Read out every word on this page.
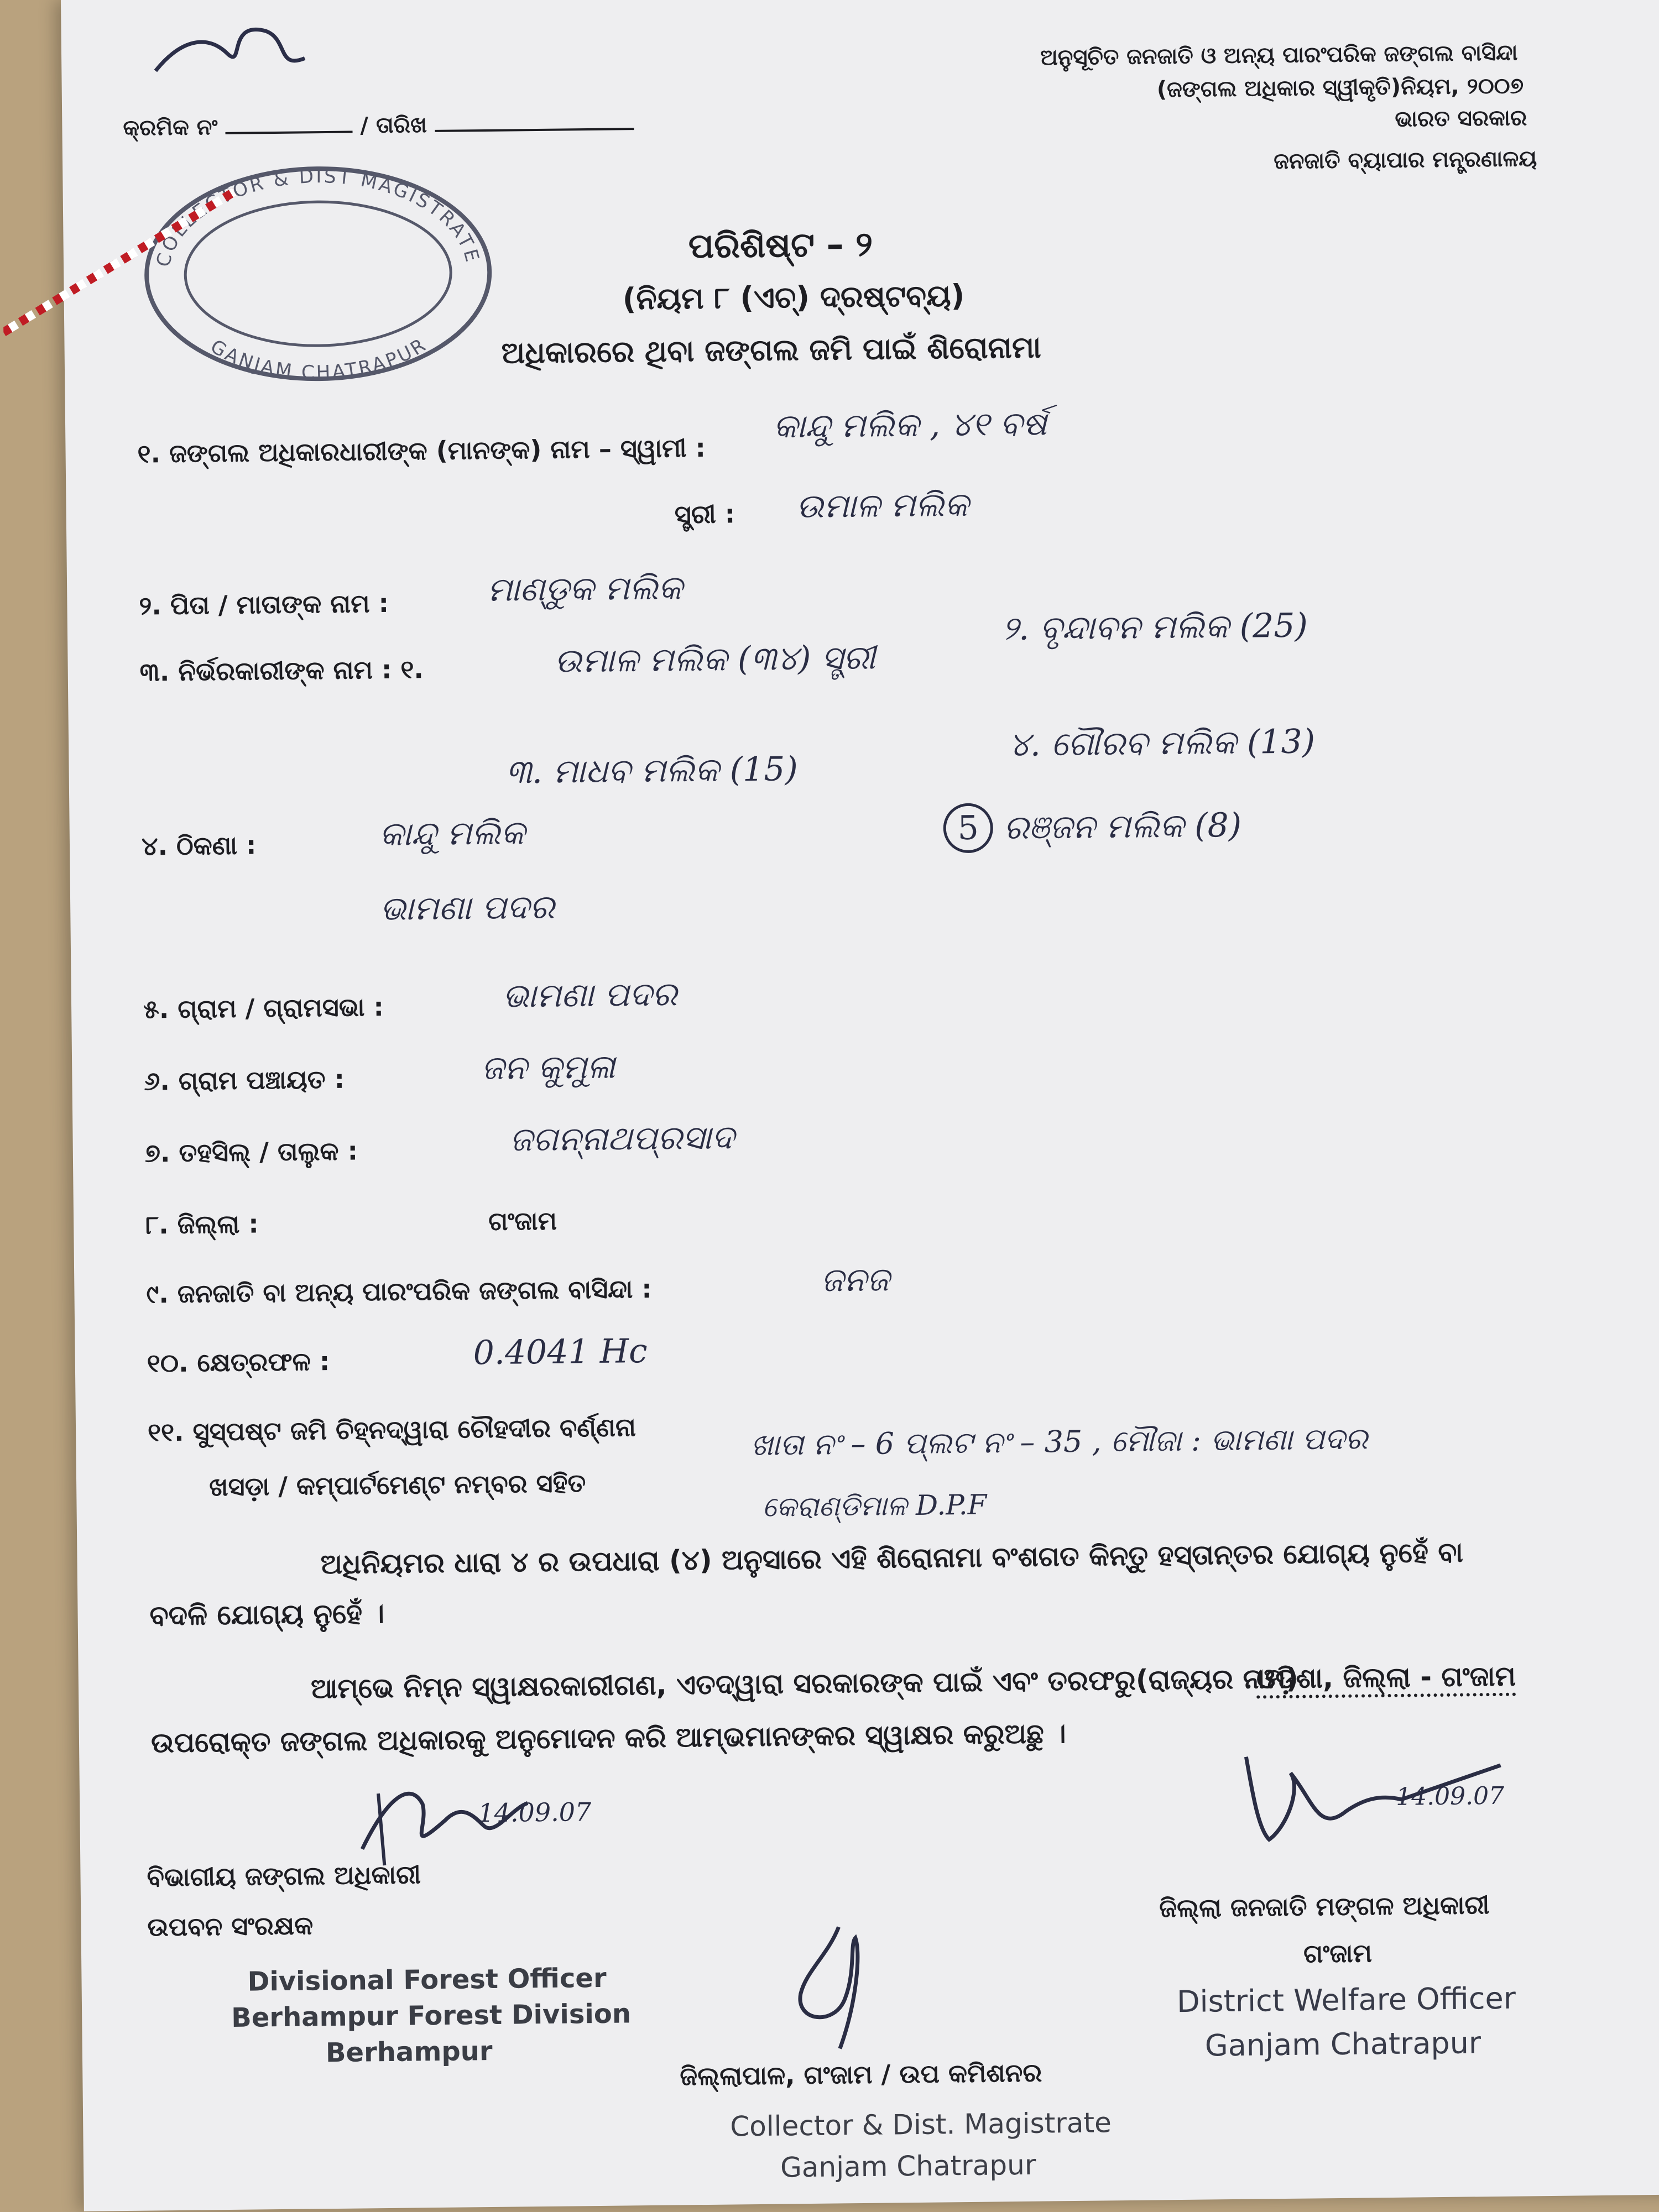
କ୍ରମିକ ନଂ	/ ତାରିଖ
ଅନୁସୂଚିତ ଜନଜାତି ଓ ଅନ୍ୟ ପାରଂପରିକ ଜଙ୍ଗଲ ବାସିନ୍ଦା
(ଜଙ୍ଗଲ ଅଧିକାର ସ୍ୱୀକୃତି)ନିୟମ, ୨୦୦୭
ଭାରତ ସରକାର
ଜନଜାତି ବ୍ୟାପାର ମନ୍ତ୍ରଣାଳୟ
COLLECTOR & DIST MAGISTRATE
GANJAM CHATRAPUR
ପରିଶିଷ୍ଟ – ୨
(ନିୟମ ୮ (ଏଚ୍) ଦ୍ରଷ୍ଟବ୍ୟ)
ଅଧିକାରରେ ଥିବା ଜଙ୍ଗଲ ଜମି ପାଇଁ ଶିରୋନାମା
୧. ଜଙ୍ଗଲ ଅଧିକାରଧାରୀଙ୍କ (ମାନଙ୍କ) ନାମ – ସ୍ୱାମୀ :
କାନ୍ଦୁ ମଲିକ , ୪୧ ବର୍ଷ
ସ୍ତ୍ରୀ : ଉମାଳ ମଲିକ
୨. ପିତା / ମାତାଙ୍କ ନାମ :	ମାଣ୍ଡୁକ ମଲିକ
୩. ନିର୍ଭରକାରୀଙ୍କ ନାମ : ୧.	ଉମାଳ ମଲିକ (୩୪) ସ୍ତ୍ରୀ
୨. ବୃନ୍ଦାବନ ମଲିକ (25)
୩. ମାଧବ ମଲିକ (15)
୪. ଗୌରବ ମଲିକ (13)
5 ରଞ୍ଜନ ମଲିକ (8)
୪. ଠିକଣା :	କାନ୍ଦୁ ମଲିକ
ଭାମଣା ପଦର
୫. ଗ୍ରାମ / ଗ୍ରାମସଭା :	ଭାମଣା ପଦର
୬. ଗ୍ରାମ ପଞ୍ଚାୟତ :	ଜନ କୁମୁଳା
୭. ତହସିଲ୍ / ତାଲୁକ :	ଜଗନ୍ନାଥପ୍ରସାଦ
୮. ଜିଲ୍ଲା :	ଗଂଜାମ
୯. ଜନଜାତି ବା ଅନ୍ୟ ପାରଂପରିକ ଜଙ୍ଗଲ ବାସିନ୍ଦା :	ଜନଜ
୧୦. କ୍ଷେତ୍ରଫଳ :	0.4041 Hc
୧୧. ସୁସ୍ପଷ୍ଟ ଜମି ଚିହ୍ନଦ୍ୱାରା ଚୌହଦୀର ବର୍ଣ୍ଣନା
ଖସଡ଼ା / କମ୍ପାର୍ଟମେଣ୍ଟ ନମ୍ବର ସହିତ
ଖାତା ନଂ – 6 ପ୍ଲଟ ନଂ – 35 , ମୌଜା : ଭାମଣା ପଦର
କେରାଣ୍ଡିମାଳ D.P.F
ଅଧିନିୟମର ଧାରା ୪ ର ଉପଧାରା (୪) ଅନୁସାରେ ଏହି ଶିରୋନାମା ବଂଶଗତ କିନ୍ତୁ ହସ୍ତାନ୍ତର ଯୋଗ୍ୟ ନୁହେଁ ବା
ବଦଳି ଯୋଗ୍ୟ ନୁହେଁ ।
ଆମ୍ଭେ ନିମ୍ନ ସ୍ୱାକ୍ଷରକାରୀଗଣ, ଏତଦ୍ୱାରା ସରକାରଙ୍କ ପାଇଁ ଏବଂ ତରଫରୁ(ରାଜ୍ୟର ନାମ)
ଓଡ଼ିଶା, ଜିଲ୍ଲା - ଗଂଜାମ
ଉପରୋକ୍ତ ଜଙ୍ଗଲ ଅଧିକାରକୁ ଅନୁମୋଦନ କରି ଆମ୍ଭମାନଙ୍କର ସ୍ୱାକ୍ଷର କରୁଅଛୁ ।
14.09.07
ବିଭାଗୀୟ ଜଙ୍ଗଲ ଅଧିକାରୀ
ଉପବନ ସଂରକ୍ଷକ
Divisional Forest Officer
Berhampur Forest Division
Berhampur
ଜିଲ୍ଲାପାଳ, ଗଂଜାମ / ଉପ କମିଶନର
Collector & Dist. Magistrate
Ganjam Chatrapur
14.09.07
ଜିଲ୍ଲା ଜନଜାତି ମଙ୍ଗଳ ଅଧିକାରୀ
ଗଂଜାମ
District Welfare Officer
Ganjam Chatrapur
